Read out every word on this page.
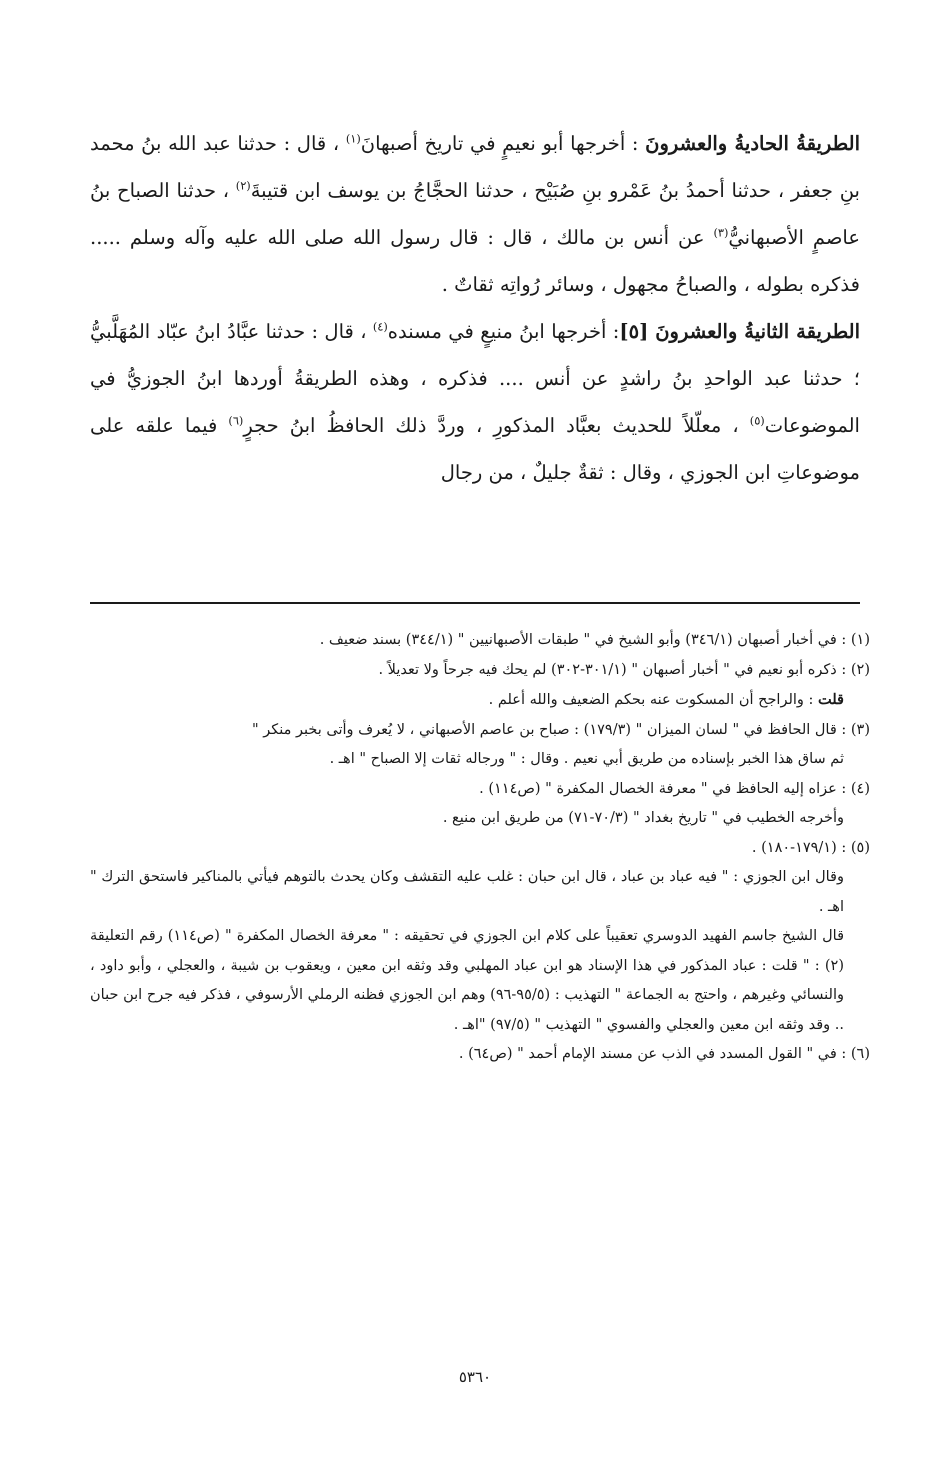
الطريقةُ الحاديةُ والعشرونَ : أخرجها أبو نعيمٍ في تاريخ أصبهانَ$^{(١)}$ ، قال : حدثنا عبد الله بنُ محمد بنِ جعفر ، حدثنا أحمدُ بنُ عَمْرو بنِ صُبَيْح ، حدثنا الحجَّاجُ بن يوسف ابن قتيبةَ$^{(٢)}$ ، حدثنا الصباح بنُ عاصمٍ الأصبهانيُّ$^{(٣)}$ عن أنس بن مالك ، قال : قال رسول الله صلى الله عليه وآله وسلم ..... فذكره بطوله ، والصباحُ مجهول ، وسائر رُواتِه ثقاتٌ .

الطريقة الثانيةُ والعشرونَ [٥]: أخرجها ابنُ منيعٍ في مسنده$^{(٤)}$ ، قال : حدثنا عبَّادُ ابنُ عبّاد المُهَلَّبيُّ ؛ حدثنا عبد الواحدِ بنُ راشدٍ عن أنس .... فذكره ، وهذه الطريقةُ أوردها ابنُ الجوزيُّ في الموضوعات$^{(٥)}$ ، معلّلاً للحديث بعبَّاد المذكورِ ، وردَّ ذلك الحافظُ ابنُ حجرٍ$^{(٦)}$ فيما علقه على موضوعاتِ ابن الجوزي ، وقال : ثقةٌ جليلٌ ، من رجال

(١) : في أخبار أصبهان (٣٤٦/١) وأبو الشيخ في " طبقات الأصبهانيين " (٣٤٤/١) بسند ضعيف .

(٢) : ذكره أبو نعيم في " أخبار أصبهان " (٣٠١/١-٣٠٢) لم يحك فيه جرحاً ولا تعديلاً .

قلت : والراجح أن المسكوت عنه بحكم الضعيف والله أعلم .

(٣) : قال الحافظ في " لسان الميزان " (١٧٩/٣) : صباح بن عاصم الأصبهاني ، لا يُعرف وأتى بخبر منكر "

ثم ساق هذا الخبر بإسناده من طريق أبي نعيم . وقال : " ورجاله ثقات إلا الصباح " اهـ .

(٤) : عزاه إليه الحافظ في " معرفة الخصال المكفرة " (ص١١٤) .

وأخرجه الخطيب في " تاريخ بغداد " (٧٠/٣-٧١) من طريق ابن منيع .

(٥) : (١٧٩/١-١٨٠) .

وقال ابن الجوزي : " فيه عباد بن عباد ، قال ابن حبان : غلب عليه التقشف وكان يحدث بالتوهم فيأتي بالمناكير فاستحق الترك " اهـ .

قال الشيخ جاسم الفهيد الدوسري تعقيباً على كلام ابن الجوزي في تحقيقه : " معرفة الخصال المكفرة " (ص١١٤) رقم التعليقة (٢) : " قلت : عباد المذكور في هذا الإسناد هو ابن عباد المهلبي وقد وثقه ابن معين ، ويعقوب بن شيبة ، والعجلي ، وأبو داود ، والنسائي وغيرهم ، واحتج به الجماعة " التهذيب : (٩٥/٥-٩٦) وهم ابن الجوزي فظنه الرملي الأرسوفي ، فذكر فيه جرح ابن حبان .. وقد وثقه ابن معين والعجلي والفسوي " التهذيب " (٩٧/٥) "اهـ .

(٦) : في " القول المسدد في الذب عن مسند الإمام أحمد " (ص٦٤) .

٥٣٦٠
